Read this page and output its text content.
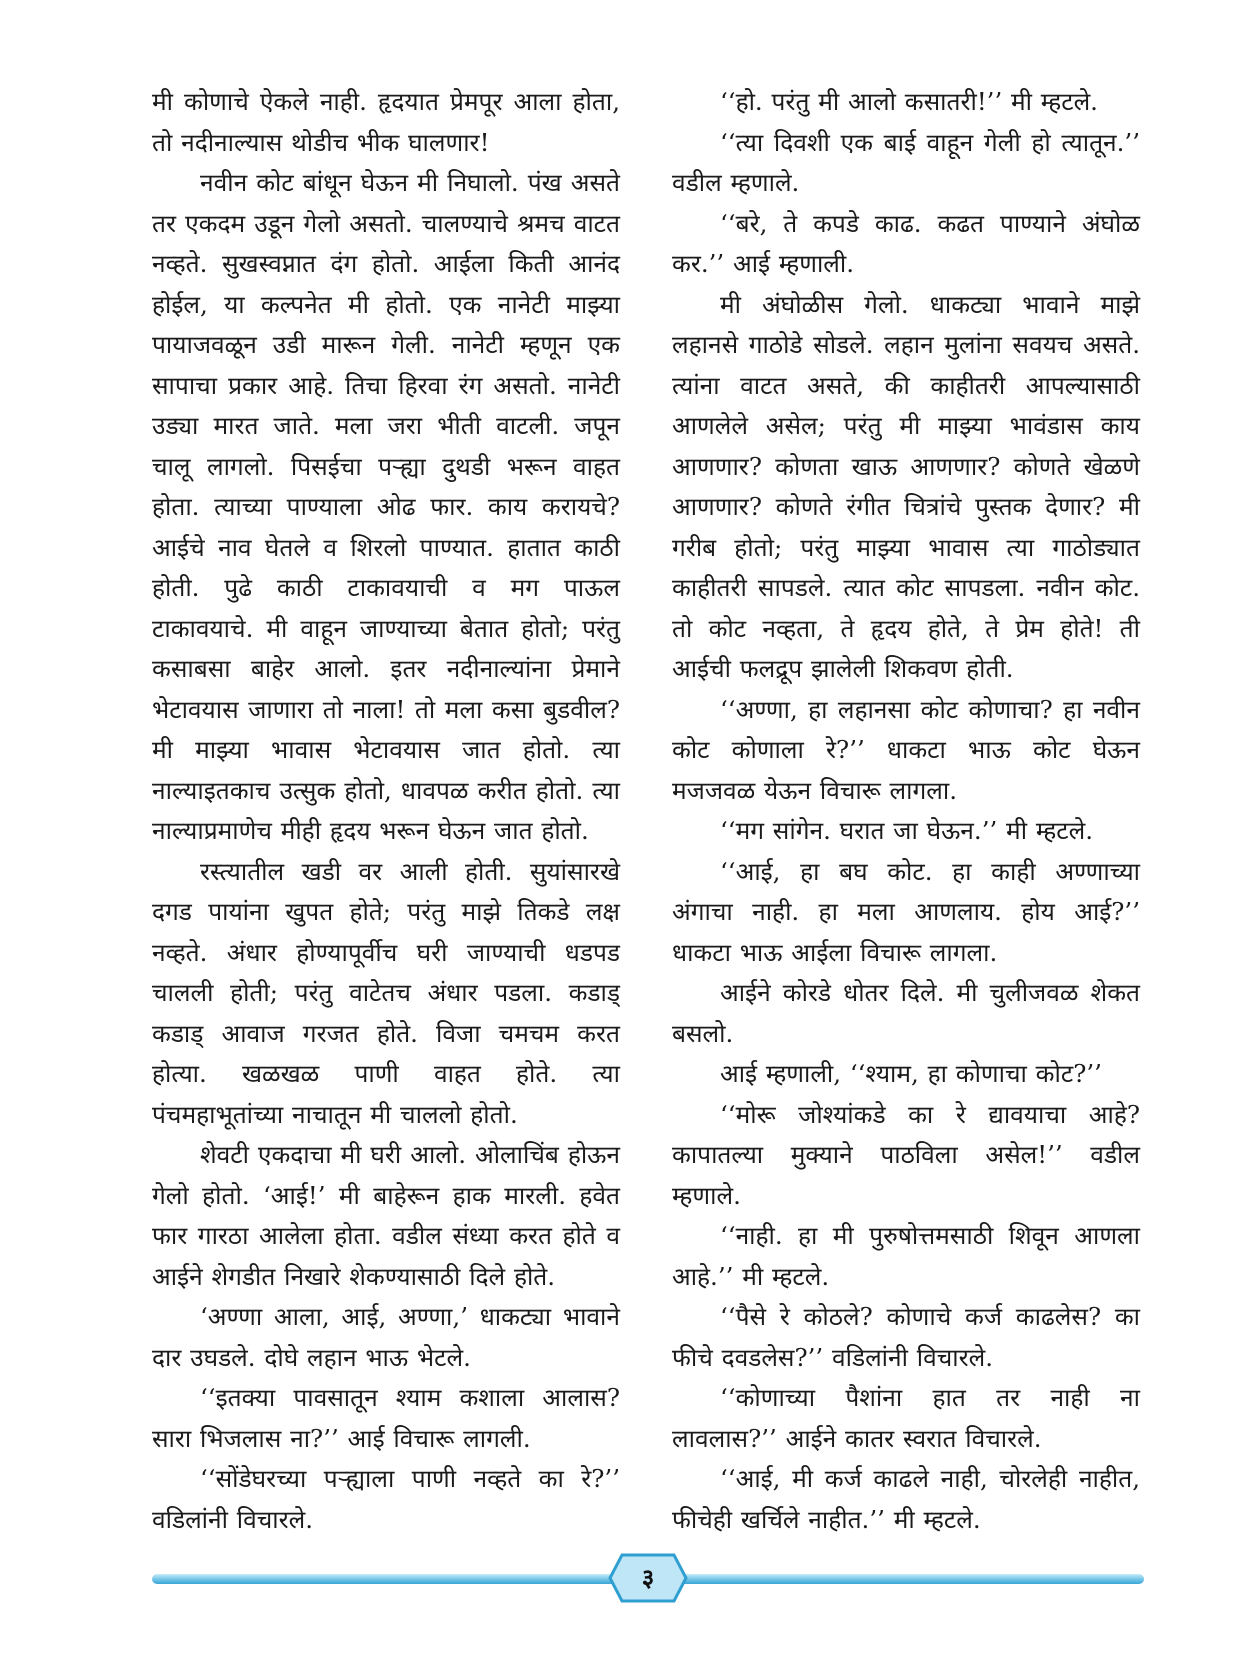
मी कोणाचे ऐकले नाही. हृदयात प्रेमपूर आला होता, तो नदीनाल्यास थोडीच भीक घालणार!

नवीन कोट बांधून घेऊन मी निघालो. पंख असते तर एकदम उडून गेलो असतो. चालण्याचे श्रमच वाटत नव्हते. सुखस्वप्नात दंग होतो. आईला किती आनंद होईल, या कल्पनेत मी होतो. एक नानेटी माझ्या पायाजवळून उडी मारून गेली. नानेटी म्हणून एक सापाचा प्रकार आहे. तिचा हिरवा रंग असतो. नानेटी उड्या मारत जाते. मला जरा भीती वाटली. जपून चालू लागलो. पिसईचा पऱ्ह्या दुथडी भरून वाहत होता. त्याच्या पाण्याला ओढ फार. काय करायचे? आईचे नाव घेतले व शिरलो पाण्यात. हातात काठी होती. पुढे काठी टाकावयाची व मग पाऊल टाकावयाचे. मी वाहून जाण्याच्या बेतात होतो; परंतु कसाबसा बाहेर आलो. इतर नदीनाल्यांना प्रेमाने भेटावयास जाणारा तो नाला! तो मला कसा बुडवील? मी माझ्या भावास भेटावयास जात होतो. त्या नाल्याइतकाच उत्सुक होतो, धावपळ करीत होतो. त्या नाल्याप्रमाणेच मीही हृदय भरून घेऊन जात होतो.

रस्त्यातील खडी वर आली होती. सुयांसारखे दगड पायांना खुपत होते; परंतु माझे तिकडे लक्ष नव्हते. अंधार होण्यापूर्वीच घरी जाण्याची धडपड चालली होती; परंतु वाटेतच अंधार पडला. कडाड् कडाड् आवाज गरजत होते. विजा चमचम करत होत्या. खळखळ पाणी वाहत होते. त्या पंचमहाभूतांच्या नाचातून मी चाललो होतो.

शेवटी एकदाचा मी घरी आलो. ओलाचिंब होऊन गेलो होतो. ‘आई!’ मी बाहेरून हाक मारली. हवेत फार गारठा आलेला होता. वडील संध्या करत होते व आईने शेगडीत निखारे शेकण्यासाठी दिले होते.

‘अण्णा आला, आई, अण्णा,’ धाकट्या भावाने दार उघडले. दोघे लहान भाऊ भेटले.

‘‘इतक्या पावसातून श्याम कशाला आलास? सारा भिजलास ना?’’ आई विचारू लागली.

‘‘सोंडेघरच्या पऱ्ह्याला पाणी नव्हते का रे?’’ वडिलांनी विचारले.

‘‘हो. परंतु मी आलो कसातरी!’’ मी म्हटले.

‘‘त्या दिवशी एक बाई वाहून गेली हो त्यातून.’’ वडील म्हणाले.

‘‘बरे, ते कपडे काढ. कढत पाण्याने अंघोळ कर.’’ आई म्हणाली.

मी अंघोळीस गेलो. धाकट्या भावाने माझे लहानसे गाठोडे सोडले. लहान मुलांना सवयच असते. त्यांना वाटत असते, की काहीतरी आपल्यासाठी आणलेले असेल; परंतु मी माझ्या भावंडास काय आणणार? कोणता खाऊ आणणार? कोणते खेळणे आणणार? कोणते रंगीत चित्रांचे पुस्तक देणार? मी गरीब होतो; परंतु माझ्या भावास त्या गाठोड्यात काहीतरी सापडले. त्यात कोट सापडला. नवीन कोट. तो कोट नव्हता, ते हृदय होते, ते प्रेम होते! ती आईची फलद्रूप झालेली शिकवण होती.

‘‘अण्णा, हा लहानसा कोट कोणाचा? हा नवीन कोट कोणाला रे?’’ धाकटा भाऊ कोट घेऊन मजजवळ येऊन विचारू लागला.

‘‘मग सांगेन. घरात जा घेऊन.’’ मी म्हटले.

‘‘आई, हा बघ कोट. हा काही अण्णाच्या अंगाचा नाही. हा मला आणलाय. होय आई?’’ धाकटा भाऊ आईला विचारू लागला.

आईने कोरडे धोतर दिले. मी चुलीजवळ शेकत बसलो.

आई म्हणाली, ‘‘श्याम, हा कोणाचा कोट?’’

‘‘मोरू जोश्यांकडे का रे द्यावयाचा आहे? कापातल्या मुक्याने पाठविला असेल!’’ वडील म्हणाले.

‘‘नाही. हा मी पुरुषोत्तमसाठी शिवून आणला आहे.’’ मी म्हटले.

‘‘पैसे रे कोठले? कोणाचे कर्ज काढलेस? का फीचे दवडलेस?’’ वडिलांनी विचारले.

‘‘कोणाच्या पैशांना हात तर नाही ना लावलास?’’ आईने कातर स्वरात विचारले.

‘‘आई, मी कर्ज काढले नाही, चोरलेही नाहीत, फीचेही खर्चिले नाहीत.’’ मी म्हटले.

३
